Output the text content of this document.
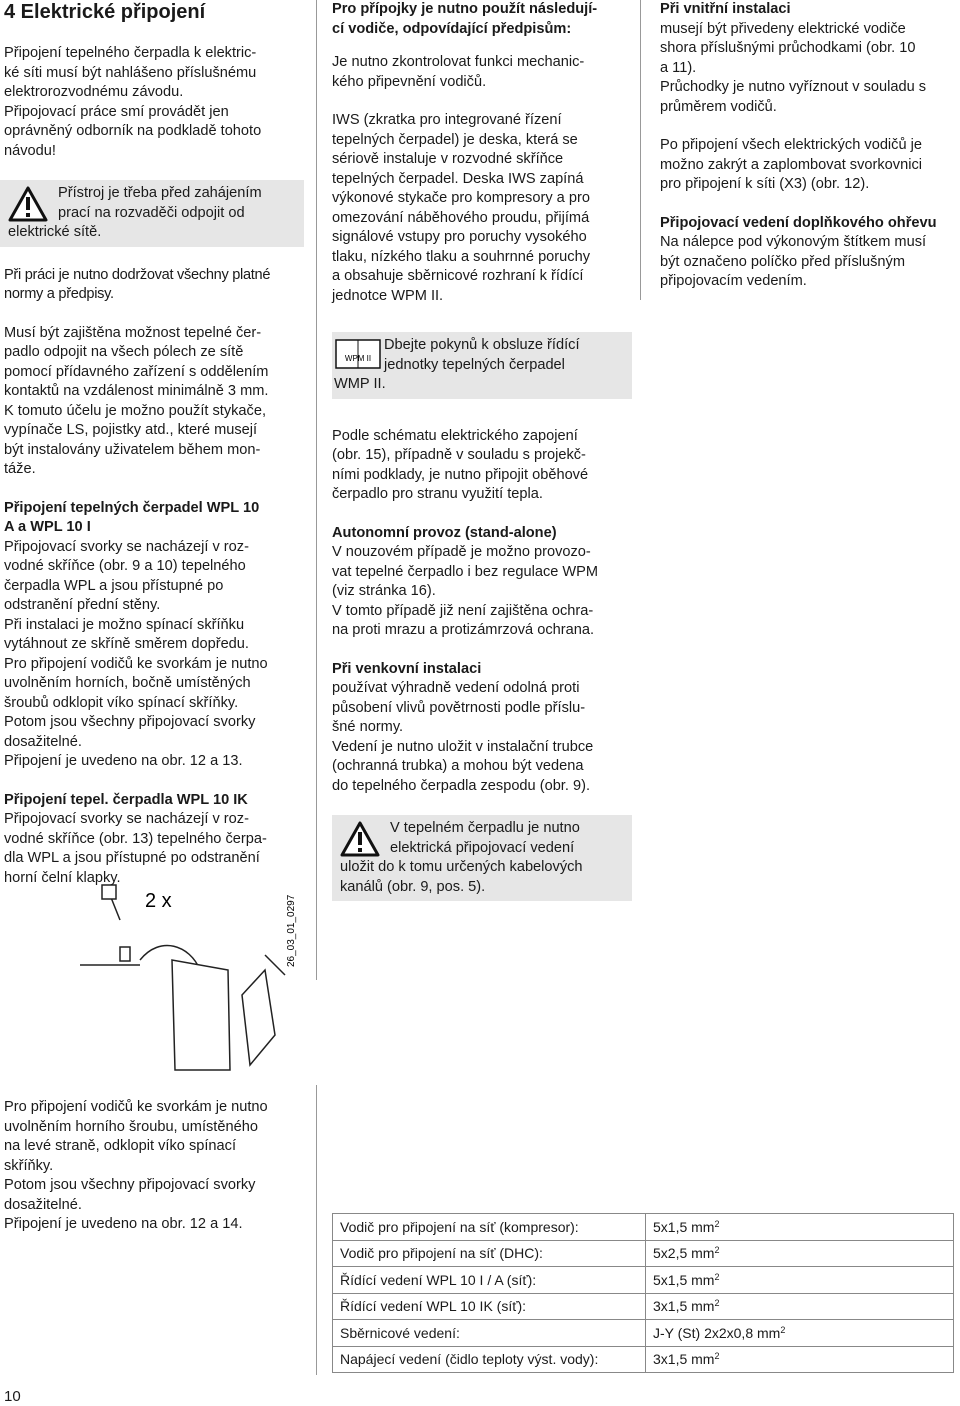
4 Elektrické připojení

Připojení tepelného čerpadla k elektric-
ké síti musí být nahlášeno příslušnému
elektrorozvodnému závodu.

Připojovací práce smí provádět jen
oprávněný odborník na podkladě tohoto
návodu!

Přístroj je třeba před zahájením
prací na rozvaděči odpojit od
elektrické sítě.

Při práci je nutno dodržovat všechny platné
normy a předpisy.

Musí být zajištěna možnost tepelné čer-
padlo odpojit na všech pólech ze sítě
pomocí přídavného zařízení s oddělením
kontaktů na vzdálenost minimálně 3 mm.
K tomuto účelu je možno použít stykače,
vypínače LS, pojistky atd., které musejí
být instalovány uživatelem během mon-
táže.

Připojení tepelných čerpadel WPL 10
A a WPL 10 I
Připojovací svorky se nacházejí v roz-
vodné skříňce (obr. 9 a 10) tepelného
čerpadla WPL a jsou přístupné po
odstranění přední stěny.
Při instalaci je možno spínací skříňku
vytáhnout ze skříně směrem dopředu.
Pro připojení vodičů ke svorkám je nutno
uvolněním horních, bočně umístěných
šroubů odklopit víko spínací skříňky.
Potom jsou všechny připojovací svorky
dosažitelné.
Připojení je uvedeno na obr. 12 a 13.

Připojení tepel. čerpadla WPL 10 IK
Připojovací svorky se nacházejí v roz-
vodné skříňce (obr. 13) tepelného čerpa-
dla WPL a jsou přístupné po odstranění
horní čelní klapky.

2 x	26_03_01_0297

Pro připojení vodičů ke svorkám je nutno
uvolněním horního šroubu, umístěného
na levé straně, odklopit víko spínací
skříňky.
Potom jsou všechny připojovací svorky
dosažitelné.
Připojení je uvedeno na obr. 12 a 14.

Pro přípojky je nutno použít následují-
cí vodiče, odpovídající předpisům:

Je nutno zkontrolovat funkci mechanic-
kého připevnění vodičů.

IWS (zkratka pro integrované řízení
tepelných čerpadel) je deska, která se
sériově instaluje v rozvodné skříňce
tepelných čerpadel. Deska IWS zapíná
výkonové stykače pro kompresory a pro
omezování náběhového proudu, přijímá
signálové vstupy pro poruchy vysokého
tlaku, nízkého tlaku a souhrnné poruchy
a obsahuje sběrnicové rozhraní k řídící
jednotce WPM II.

WPM II
Dbejte pokynů k obsluze řídící
jednotky tepelných čerpadel
WMP II.

Podle schématu elektrického zapojení
(obr. 15), případně v souladu s projekč-
ními podklady, je nutno připojit oběhové
čerpadlo pro stranu využití tepla.

Autonomní provoz (stand-alone)
V nouzovém případě je možno provozo-
vat tepelné čerpadlo i bez regulace WPM
(viz stránka 16).
V tomto případě již není zajištěna ochra-
na proti mrazu a protizámrzová ochrana.

Při venkovní instalaci
používat výhradně vedení odolná proti
působení vlivů povětrnosti podle příslu-
šné normy.
Vedení je nutno uložit v instalační trubce
(ochranná trubka) a mohou být vedena
do tepelného čerpadla zespodu (obr. 9).

V tepelném čerpadlu je nutno
elektrická připojovací vedení
uložit do k tomu určených kabelových
kanálů (obr. 9, pos. 5).

Při vnitřní instalaci
musejí být přivedeny elektrické vodiče
shora příslušnými průchodkami (obr. 10
a 11).
Průchodky je nutno vyříznout v souladu s
průměrem vodičů.

Po připojení všech elektrických vodičů je
možno zakrýt a zaplombovat svorkovnici
pro připojení k síti (X3) (obr. 12).

Připojovací vedení doplňkového ohřevu
Na nálepce pod výkonovým štítkem musí
být označeno políčko před příslušným
připojovacím vedením.

Vodič pro připojení na síť (kompresor):	5x1,5 $mm^2$
Vodič pro připojení na síť (DHC):	5x2,5 $mm^2$
Řídící vedení WPL 10 I / A (síť):	5x1,5 $mm^2$
Řídící vedení WPL 10 IK (síť):	3x1,5 $mm^2$
Sběrnicové vedení:	J-Y (St) 2x2x0,8 $mm^2$
Napájecí vedení (čidlo teploty výst. vody):	3x1,5 $mm^2$
10
